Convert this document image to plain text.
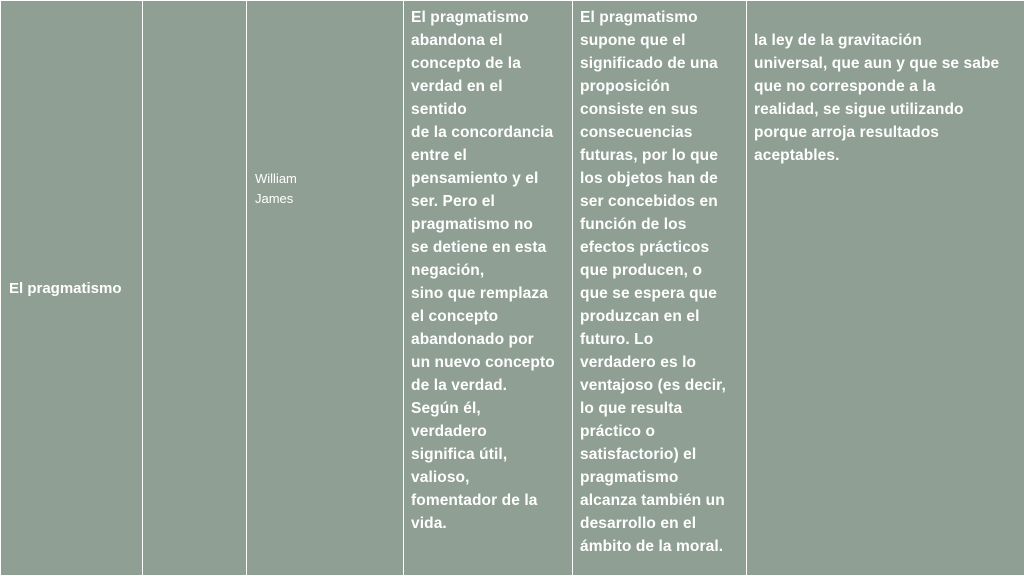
El pragmatismo

William
James

El pragmatismo
abandona el
concepto de la
verdad en el
sentido
de la concordancia
entre el
pensamiento y el
ser. Pero el
pragmatismo no
se detiene en esta
negación,
sino que remplaza
el concepto
abandonado por
un nuevo concepto
de la verdad.
Según él,
verdadero
significa útil,
valioso,
fomentador de la
vida.

El pragmatismo
supone que el
significado de una
proposición
consiste en sus
consecuencias
futuras, por lo que
los objetos han de
ser concebidos en
función de los
efectos prácticos
que producen, o
que se espera que
produzcan en el
futuro. Lo
verdadero es lo
ventajoso (es decir,
lo que resulta
práctico o
satisfactorio) el
pragmatismo
alcanza también un
desarrollo en el
ámbito de la moral.

la ley de la gravitación
universal, que aun y que se sabe
que no corresponde a la
realidad, se sigue utilizando
porque arroja resultados
aceptables.
